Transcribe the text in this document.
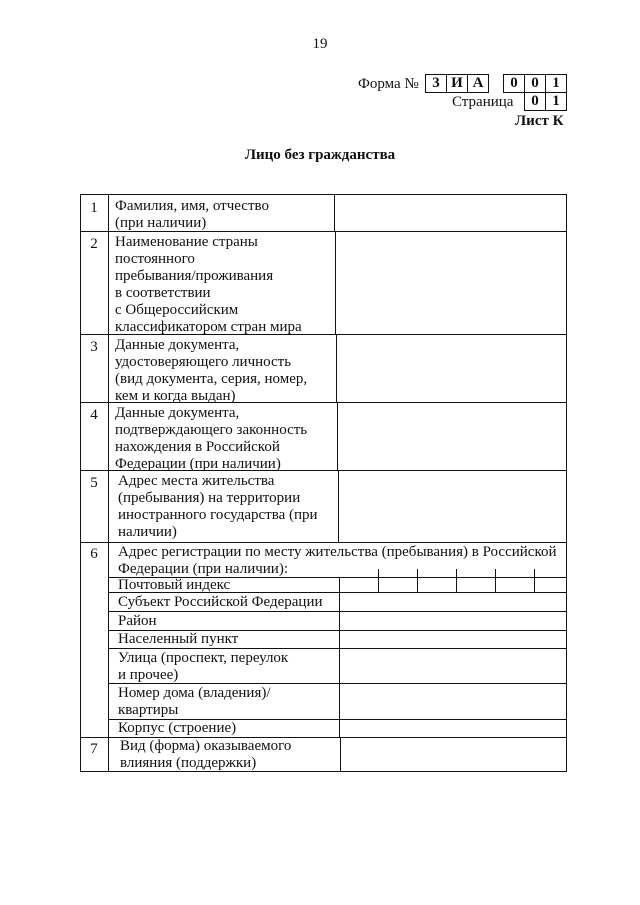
19
Форма № 3 И А	0 0 1
Страница	0 1
Лист К
Лицо без гражданства
1
2
3
4
5
6
7
Фамилия, имя, отчество
(при наличии)
Наименование страны
постоянного
пребывания/проживания
в соответствии
с Общероссийским
классификатором стран мира
Данные документа,
удостоверяющего личность
(вид документа, серия, номер,
кем и когда выдан)
Данные документа,
подтверждающего законность
нахождения в Российской
Федерации (при наличии)
Адрес места жительства
(пребывания) на территории
иностранного государства (при
наличии)
Адрес регистрации по месту жительства (пребывания) в Российской
Федерации (при наличии):
Вид (форма) оказываемого
влияния (поддержки)
Почтовый индекс
Субъект Российской Федерации
Район
Населенный пункт
Улица (проспект, переулок
и прочее)
Номер дома (владения)/
квартиры
Корпус (строение)
